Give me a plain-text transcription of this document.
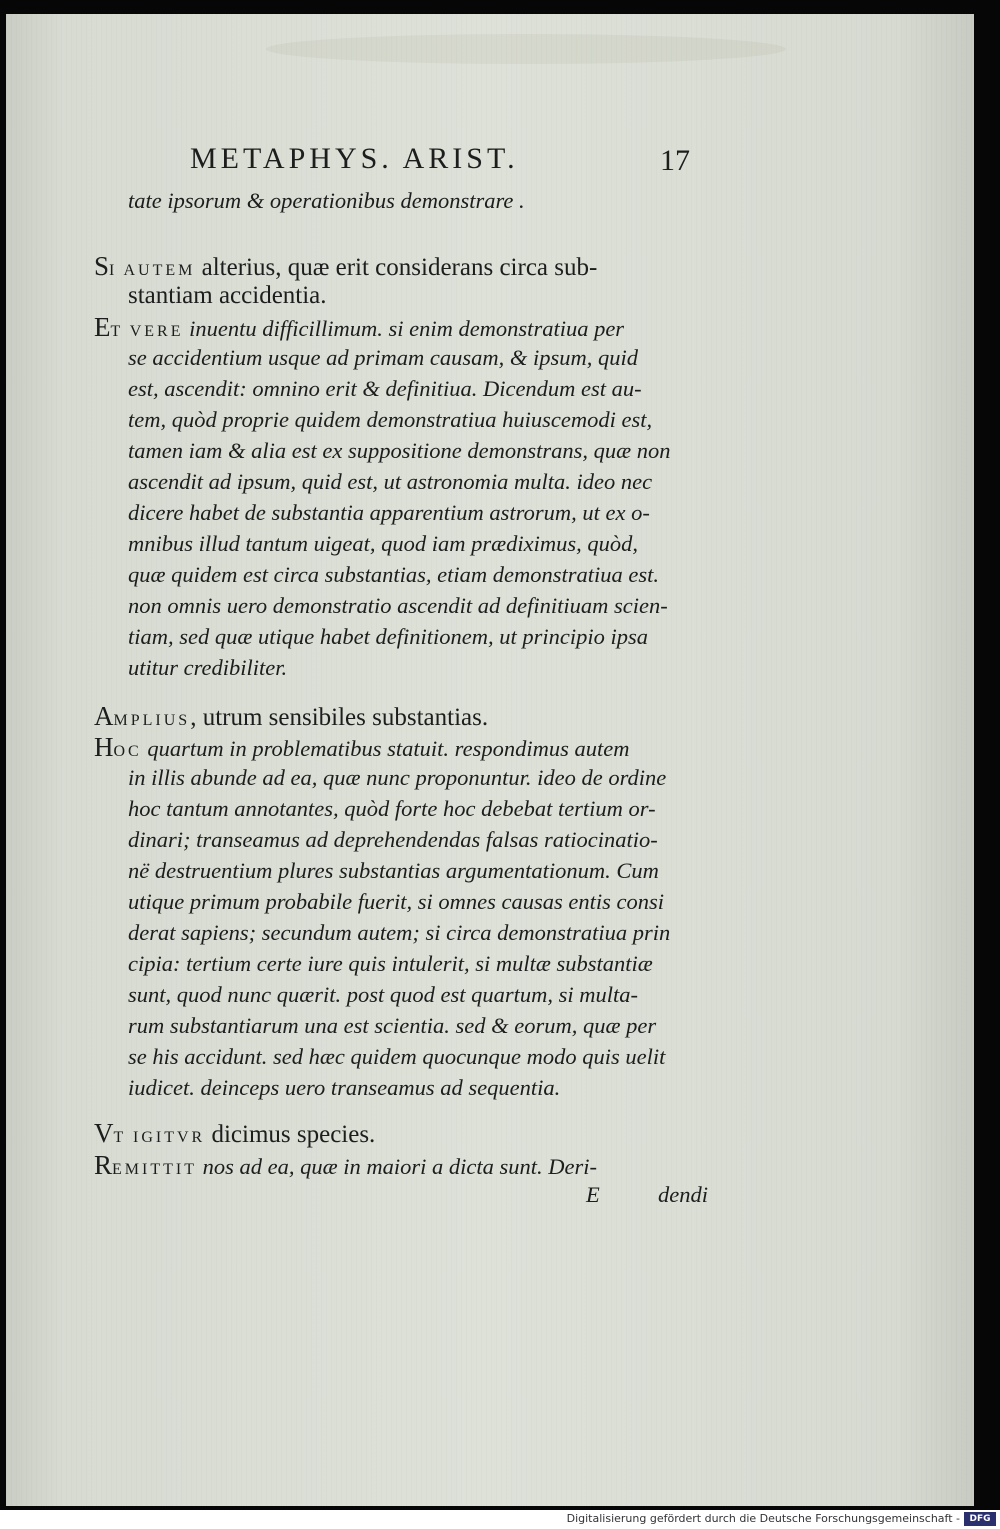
METAPHYS. ARIST.	17
tate ipsorum & operationibus demonstrare .
SI AUTEM alterius, quæ erit considerans circa sub-
stantiam accidentia.
ET VERE inuentu difficillimum. si enim demonstratiua per
se accidentium usque ad primam causam, & ipsum, quid
est, ascendit: omnino erit & definitiua. Dicendum est au-
tem, quòd proprie quidem demonstratiua huiuscemodi est,
tamen iam & alia est ex suppositione demonstrans, quæ non
ascendit ad ipsum, quid est, ut astronomia multa. ideo nec
dicere habet de substantia apparentium astrorum, ut ex o-
mnibus illud tantum uigeat, quod iam prædiximus, quòd,
quæ quidem est circa substantias, etiam demonstratiua est.
non omnis uero demonstratio ascendit ad definitiuam scien-
tiam, sed quæ utique habet definitionem, ut principio ipsa
utitur credibiliter.
AMPLIUS, utrum sensibiles substantias.
HOC quartum in problematibus statuit. respondimus autem
in illis abunde ad ea, quæ nunc proponuntur. ideo de ordine
hoc tantum annotantes, quòd forte hoc debebat tertium or-
dinari; transeamus ad deprehendendas falsas ratiocinatio-
në destruentium plures substantias argumentationum. Cum
utique primum probabile fuerit, si omnes causas entis consi
derat sapiens; secundum autem; si circa demonstratiua prin
cipia: tertium certe iure quis intulerit, si multæ substantiæ
sunt, quod nunc quærit. post quod est quartum, si multa-
rum substantiarum una est scientia. sed & eorum, quæ per
se his accidunt. sed hæc quidem quocunque modo quis uelit
iudicet. deinceps uero transeamus ad sequentia.
VT IGITVR dicimus species.
REMITTIT nos ad ea, quæ in maiori a dicta sunt. Deri-
E	dendi
Digitalisierung gefördert durch die Deutsche Forschungsgemeinschaft -	DFG
